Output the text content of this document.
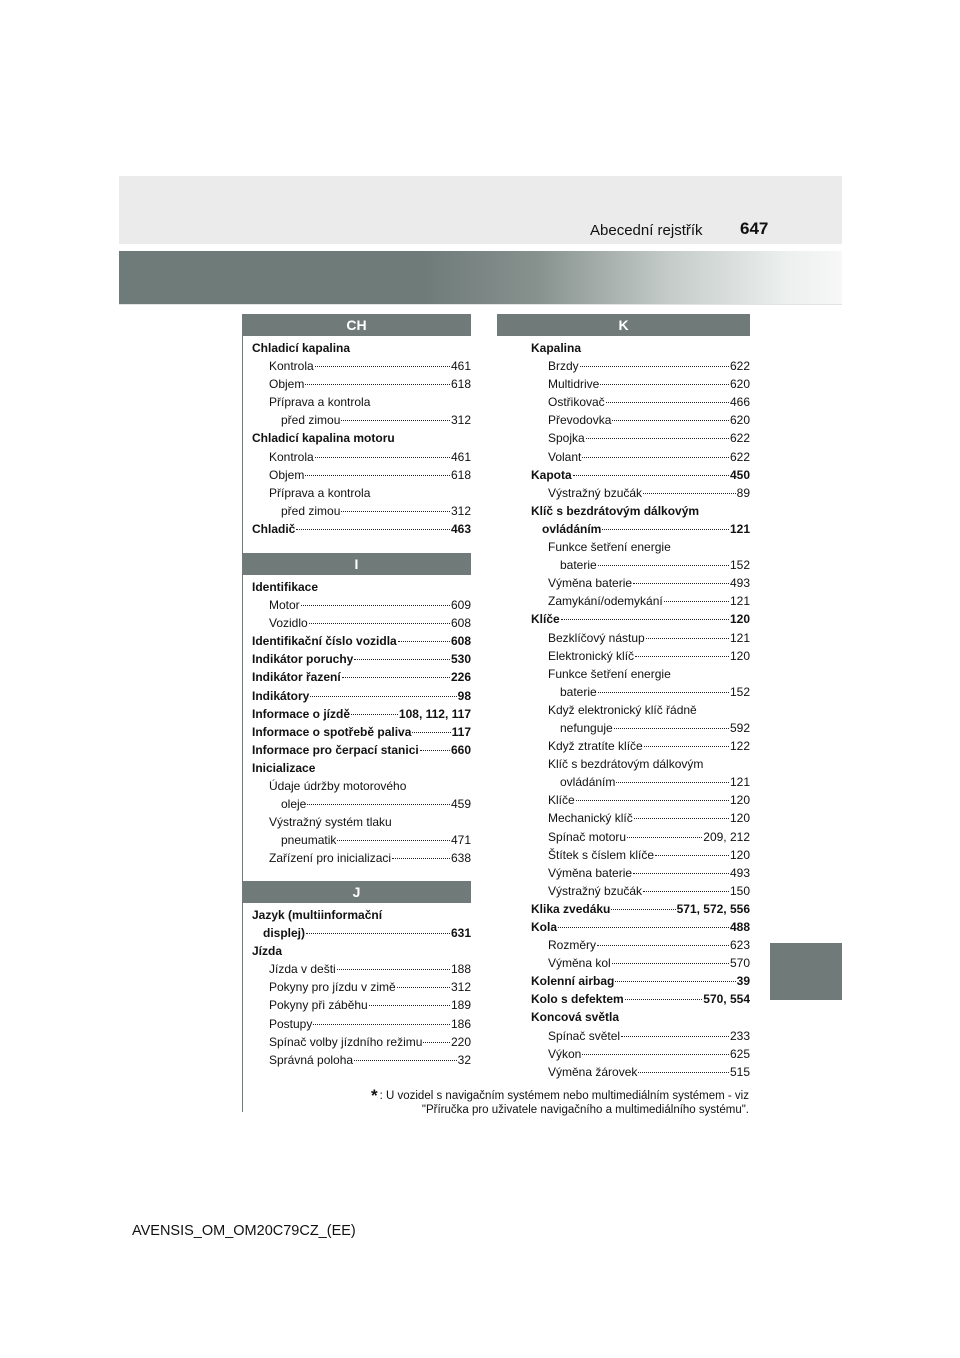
Abecední rejstřík 647
CH
I
J
K
Chladicí kapalina
Kontrola	461
Objem	618
Příprava a kontrola
před zimou	312
Chladicí kapalina motoru
Kontrola	461
Objem	618
Příprava a kontrola
před zimou	312
Chladič	463
Identifikace
Motor	609
Vozidlo	608
Identifikační číslo vozidla	608
Indikátor poruchy	530
Indikátor řazení	226
Indikátory	98
Informace o jízdě	108, 112, 117
Informace o spotřebě paliva	117
Informace pro čerpací stanici	660
Inicializace
Údaje údržby motorového
oleje	459
Výstražný systém tlaku
pneumatik	471
Zařízení pro inicializaci	638
Jazyk (multiinformační
displej)	631
Jízda
Jízda v dešti	188
Pokyny pro jízdu v zimě	312
Pokyny při záběhu	189
Postupy	186
Spínač volby jízdního režimu 220
Správná poloha	32
Kapalina
Brzdy	622
Multidrive	620
Ostřikovač	466
Převodovka	620
Spojka	622
Volant	622
Kapota	450
Výstražný bzučák	89
Klíč s bezdrátovým dálkovým
ovládáním	121
Funkce šetření energie
baterie	152
Výměna baterie	493
Zamykání/odemykání	121
Klíče	120
Bezklíčový nástup	121
Elektronický klíč	120
Funkce šetření energie
baterie	152
Když elektronický klíč řádně
nefunguje	592
Když ztratíte klíče	122
Klíč s bezdrátovým dálkovým
ovládáním	121
Klíče	120
Mechanický klíč	120
Spínač motoru	209, 212
Štítek s číslem klíče	120
Výměna baterie	493
Výstražný bzučák	150
Klika zvedáku	571, 572, 556
Kola	488
Rozměry	623
Výměna kol	570
Kolenní airbag	39
Kolo s defektem	570, 554
Koncová světla
Spínač světel	233
Výkon	625
Výměna žárovek	515
* : U vozidel s navigačním systémem nebo multimediálním systémem - viz
"Příručka pro uživatele navigačního a multimediálního systému".
AVENSIS_OM_OM20C79CZ_(EE)
